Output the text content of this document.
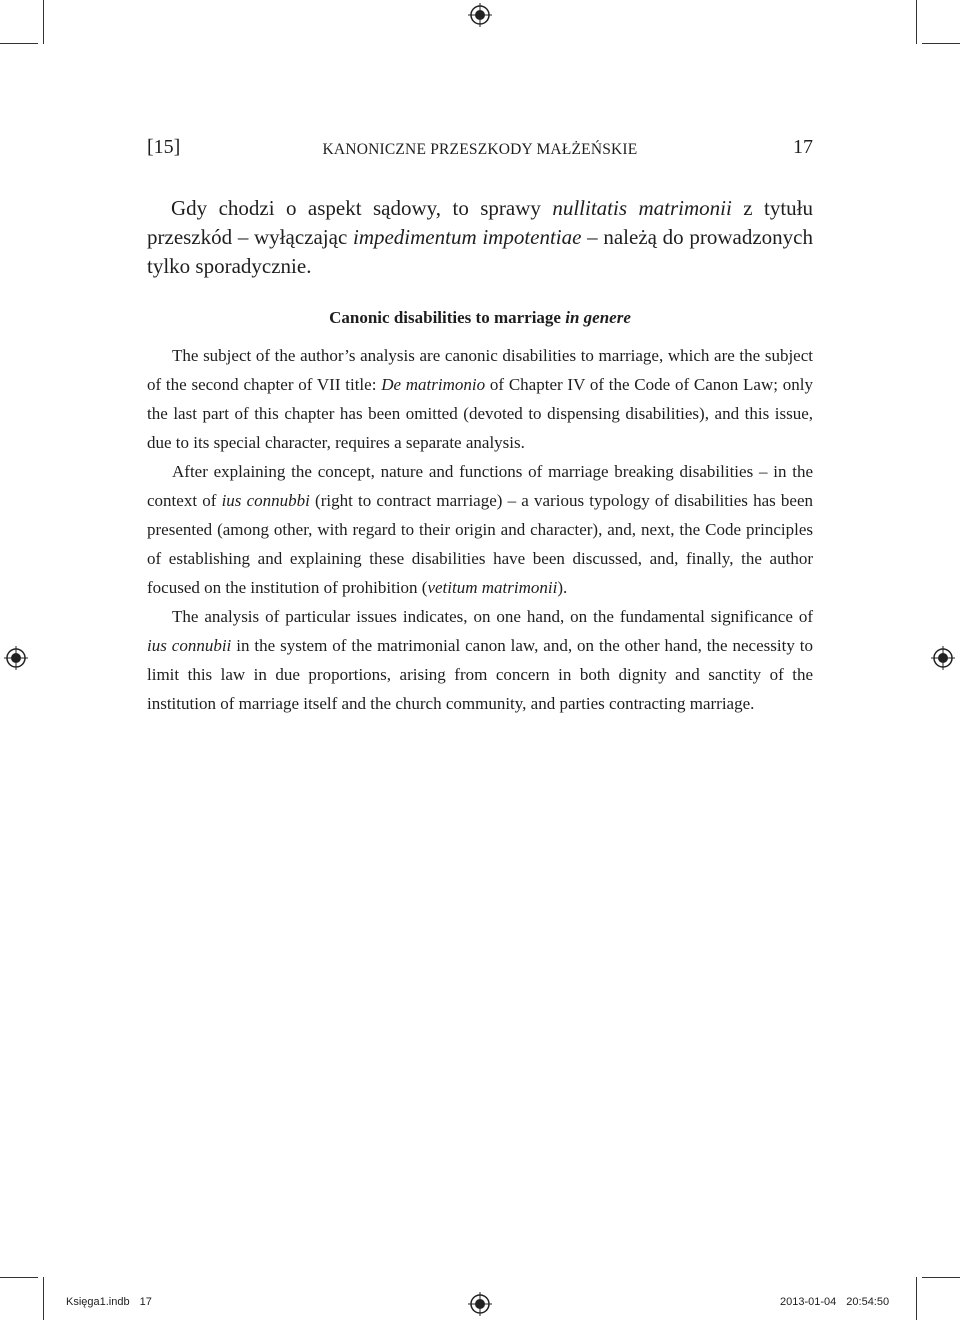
[15]	KANONICZNE PRZESZKODY MAŁŻEŃSKIE	17

Gdy chodzi o aspekt sądowy, to sprawy nullitatis matrimonii z tytułu przeszkód – wyłączając impedimentum impotentiae – należą do prowadzonych tylko sporadycznie.

Canonic disabilities to marriage in genere

The subject of the author’s analysis are canonic disabilities to marriage, which are the subject of the second chapter of VII title: De matrimonio of Chapter IV of the Code of Canon Law; only the last part of this chapter has been omitted (devoted to dispensing disabilities), and this issue, due to its special character, requires a separate analysis.

After explaining the concept, nature and functions of marriage breaking disabilities – in the context of ius connubbi (right to contract marriage) – a various typology of disabilities has been presented (among other, with regard to their origin and character), and, next, the Code principles of establishing and explaining these disabilities have been discussed, and, finally, the author focused on the institution of prohibition (vetitum matrimonii).

The analysis of particular issues indicates, on one hand, on the fundamental significance of ius connubii in the system of the matrimonial canon law, and, on the other hand, the necessity to limit this law in due proportions, arising from concern in both dignity and sanctity of the institution of marriage itself and the church community, and parties contracting marriage.

Księga1.indb 17	2013-01-04 20:54:50
